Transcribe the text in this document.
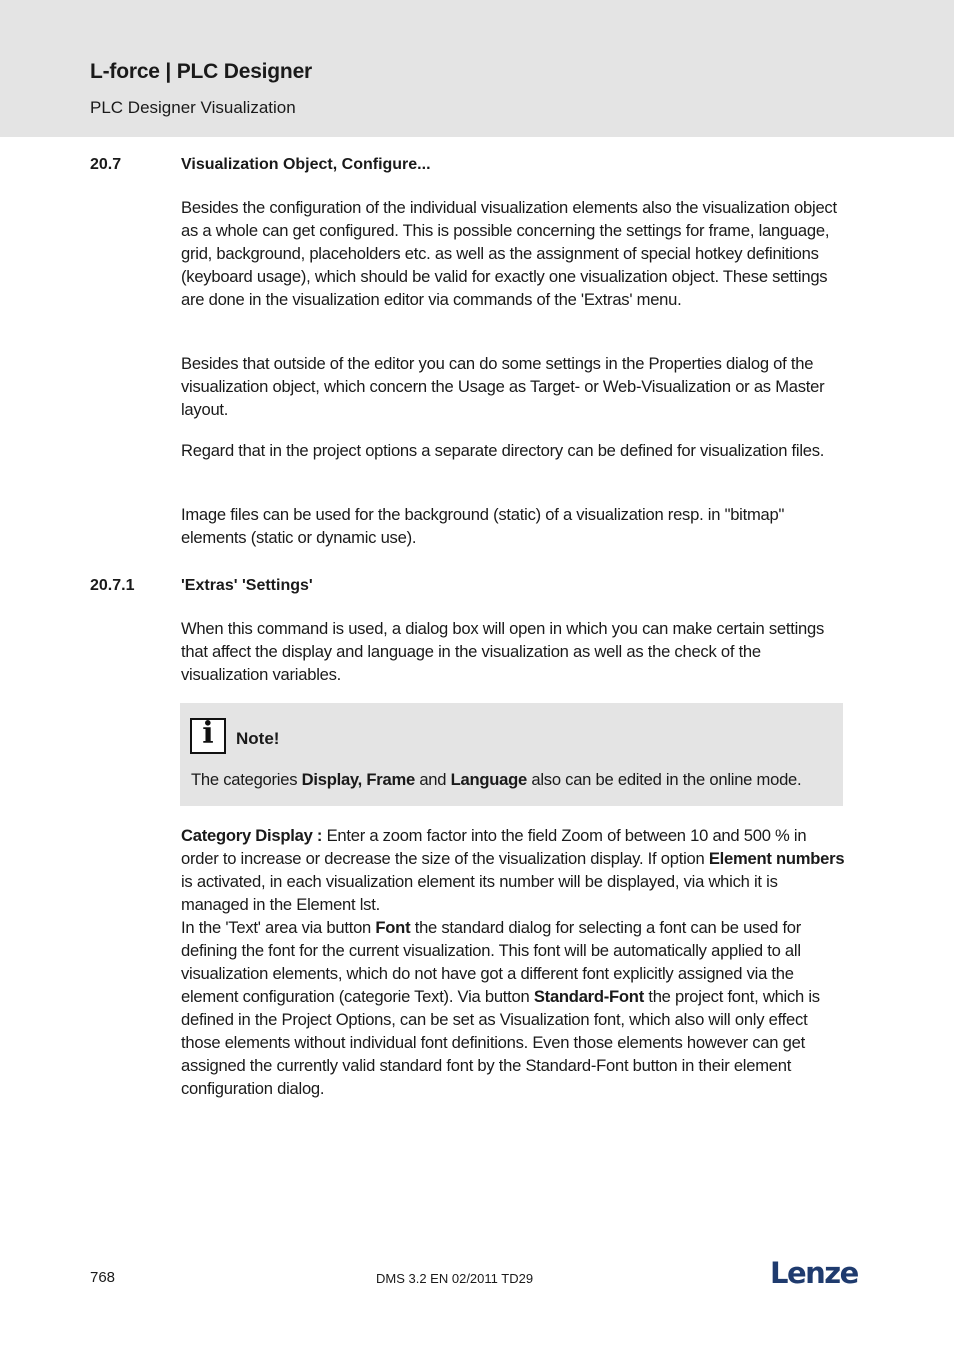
L-force | PLC Designer
PLC Designer Visualization
20.7	Visualization Object, Configure...

Besides the configuration of the individual visualization elements also the visualization object as a whole can get configured. This is possible concerning the settings for frame, language, grid, background, placeholders etc. as well as the assignment of special hotkey definitions (keyboard usage), which should be valid for exactly one visualization object. These settings are done in the visualization editor via commands of the 'Extras' menu.

Besides that outside of the editor you can do some settings in the Properties dialog of the visualization object, which concern the Usage as Target- or Web-Visualization or as Master layout.

Regard that in the project options a separate directory can be defined for visualization files.

Image files can be used for the background (static) of a visualization resp. in "bitmap" elements (static or dynamic use).

20.7.1	'Extras' 'Settings'

When this command is used, a dialog box will open in which you can make certain settings that affect the display and language in the visualization as well as the check of the visualization variables.

i	Note!
The categories Display, Frame and Language also can be edited in the online mode.

Category Display : Enter a zoom factor into the field Zoom of between 10 and 500 % in order to increase or decrease the size of the visualization display. If option Element numbers is activated, in each visualization element its number will be displayed, via which it is managed in the Element lst.
In the 'Text' area via button Font the standard dialog for selecting a font can be used for defining the font for the current visualization. This font will be automatically applied to all visualization elements, which do not have got a different font explicitly assigned via the element configuration (categorie Text). Via button Standard-Font the project font, which is defined in the Project Options, can be set as Visualization font, which also will only effect those elements without individual font definitions. Even those elements however can get assigned the currently valid standard font by the Standard-Font button in their element configuration dialog.

768	DMS 3.2 EN 02/2011 TD29	Lenze
